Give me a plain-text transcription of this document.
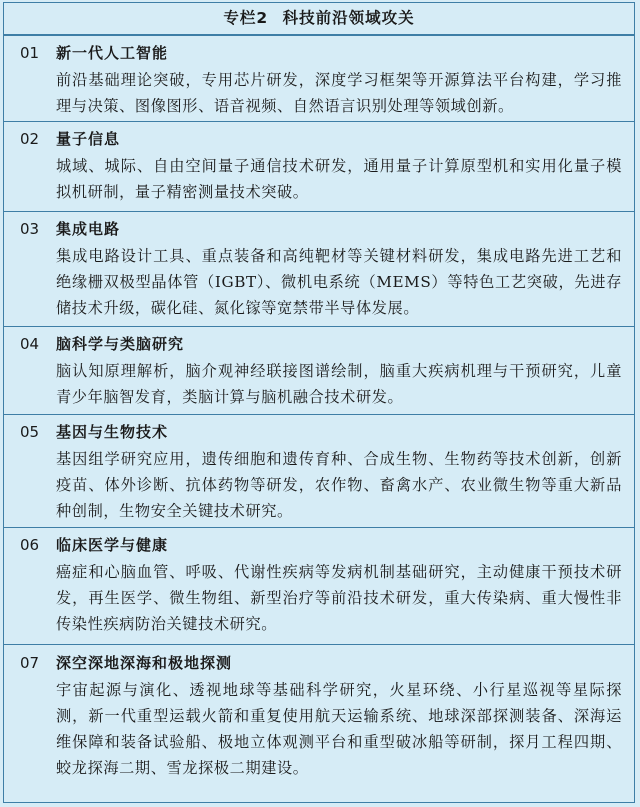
专栏2 科技前沿领域攻关
01	新一代人工智能
前沿基础理论突破，专用芯片研发，深度学习框架等开源算法平台构建，学习推理与决策、图像图形、语音视频、自然语言识别处理等领域创新。
02	量子信息
城域、城际、自由空间量子通信技术研发，通用量子计算原型机和实用化量子模拟机研制，量子精密测量技术突破。
03	集成电路
集成电路设计工具、重点装备和高纯靶材等关键材料研发，集成电路先进工艺和绝缘栅双极型晶体管（IGBT）、微机电系统（MEMS）等特色工艺突破，先进存储技术升级，碳化硅、氮化镓等宽禁带半导体发展。
04	脑科学与类脑研究
脑认知原理解析，脑介观神经联接图谱绘制，脑重大疾病机理与干预研究，儿童青少年脑智发育，类脑计算与脑机融合技术研发。
05	基因与生物技术
基因组学研究应用，遗传细胞和遗传育种、合成生物、生物药等技术创新，创新疫苗、体外诊断、抗体药物等研发，农作物、畜禽水产、农业微生物等重大新品种创制，生物安全关键技术研究。
06	临床医学与健康
癌症和心脑血管、呼吸、代谢性疾病等发病机制基础研究，主动健康干预技术研发，再生医学、微生物组、新型治疗等前沿技术研发，重大传染病、重大慢性非传染性疾病防治关键技术研究。
07	深空深地深海和极地探测
宇宙起源与演化、透视地球等基础科学研究，火星环绕、小行星巡视等星际探测，新一代重型运载火箭和重复使用航天运输系统、地球深部探测装备、深海运维保障和装备试验船、极地立体观测平台和重型破冰船等研制，探月工程四期、蛟龙探海二期、雪龙探极二期建设。
